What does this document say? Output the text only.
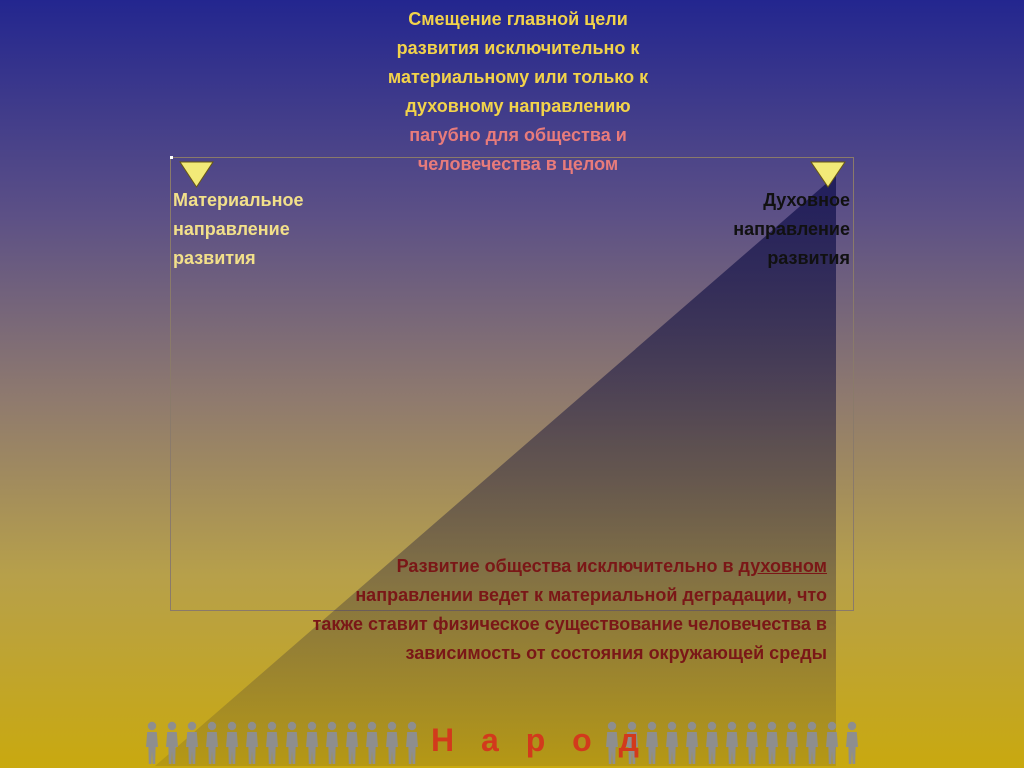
Смещение главной цели развития исключительно к материальному или только к духовному направлению пагубно для общества и человечества в целом
Материальное направление развития
Духовное направление развития
Развитие общества исключительно в духовном направлении ведет к материальной деградации, что также ставит физическое существование человечества в зависимость от состояния окружающей среды
Н а р о д
